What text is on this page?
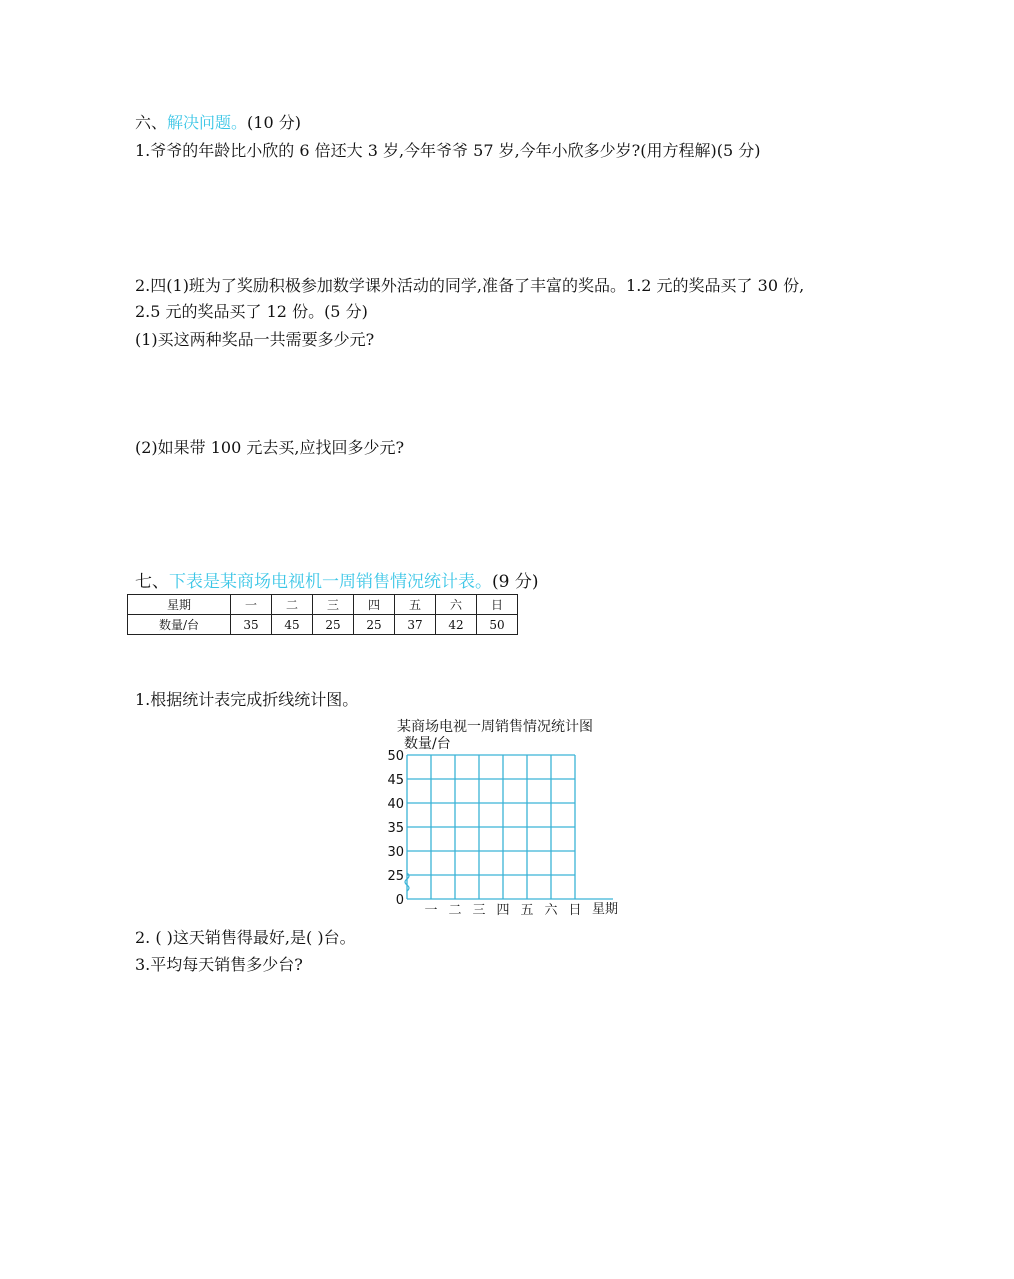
六、解决问题。(10 分)
1.爷爷的年龄比小欣的 6 倍还大 3 岁,今年爷爷 57 岁,今年小欣多少岁?(用方程解)(5 分)
2.四(1)班为了奖励积极参加数学课外活动的同学,准备了丰富的奖品。1.2 元的奖品买了 30 份,
2.5 元的奖品买了 12 份。(5 分)
(1)买这两种奖品一共需要多少元?
(2)如果带 100 元去买,应找回多少元?
七、下表是某商场电视机一周销售情况统计表。(9 分)
星期	一	二	三	四	五	六	日
数量/台	35	45	25	25	37	42	50
1.根据统计表完成折线统计图。
某商场电视一周销售情况统计图
数量/台
50
45
40
35
30
25
0
一 二 三 四 五 六 日 星期
2. ( )这天销售得最好,是( )台。
3.平均每天销售多少台?
